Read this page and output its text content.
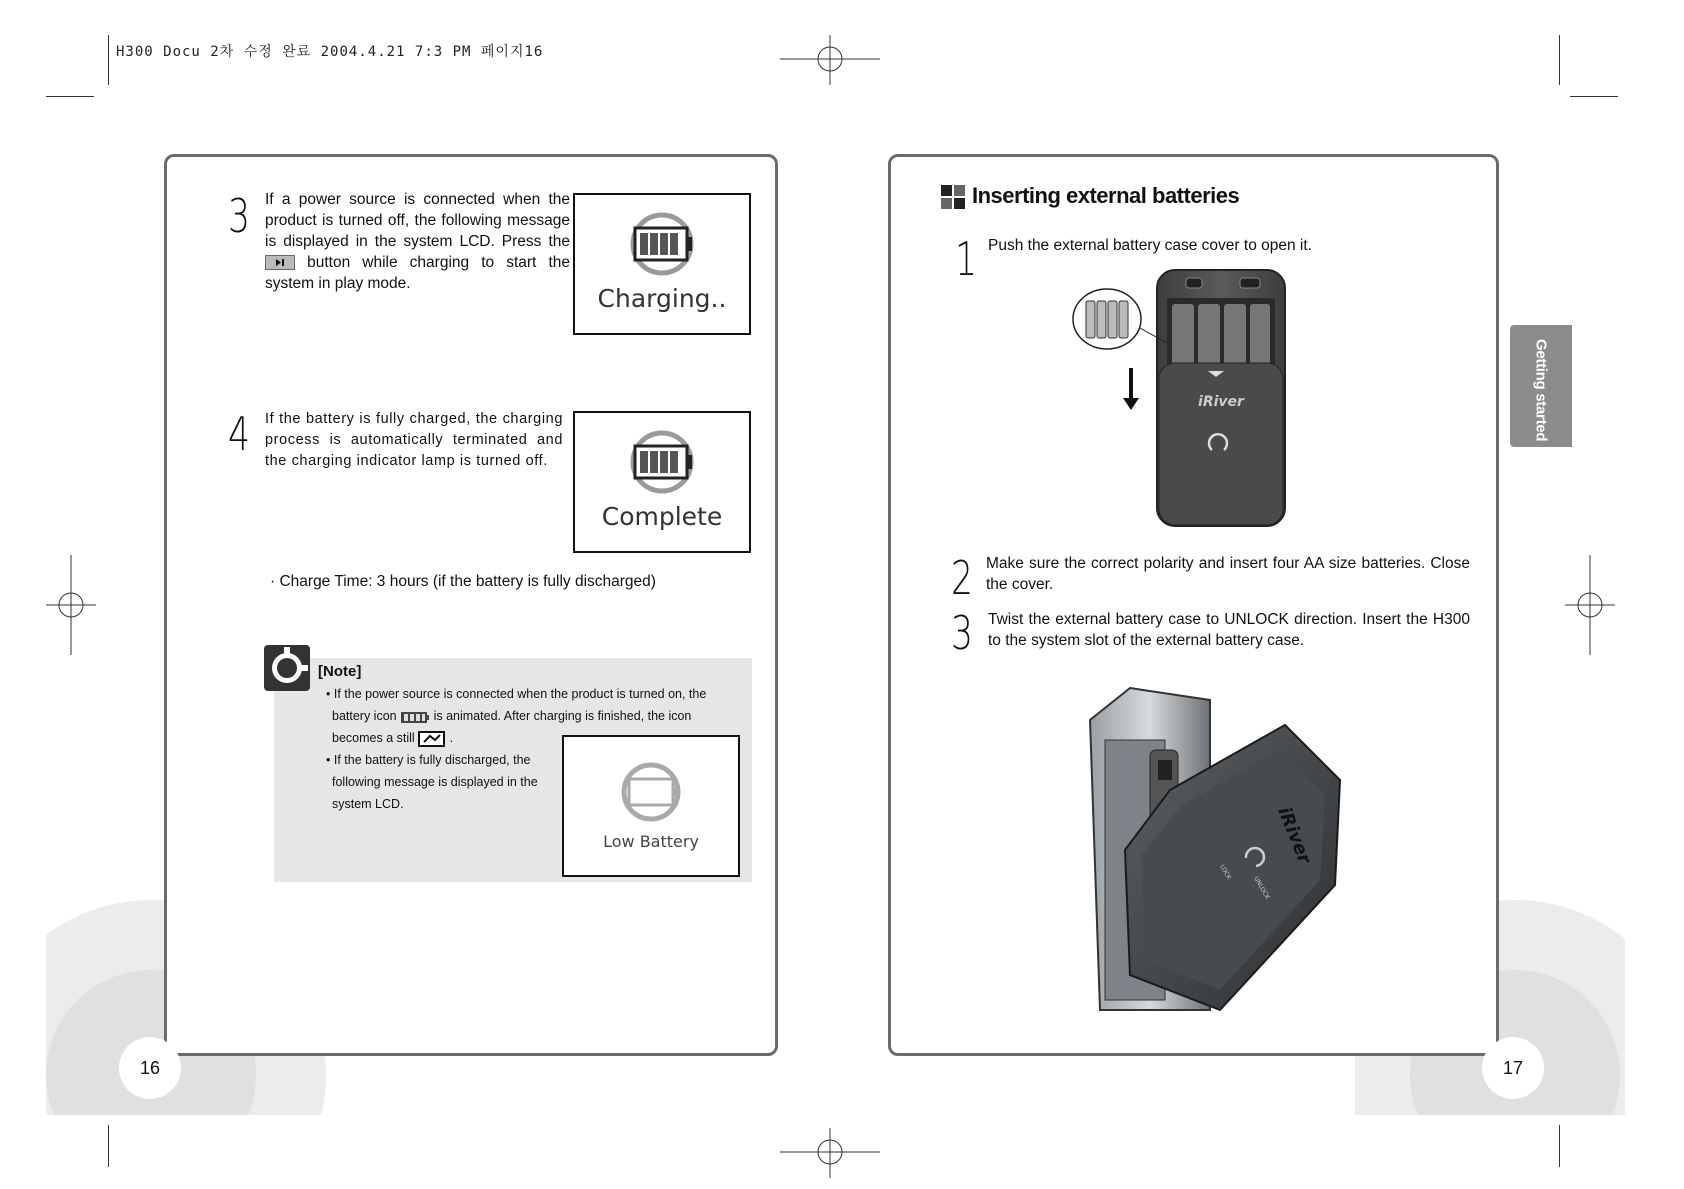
H300 Docu 2차 수정 완료 2004.4.21 7:3 PM 페이지16
3 If a power source is connected when the product is turned off, the following message is displayed in the system LCD. Press the
button while charging to start the system in play mode.
Charging..
4 If the battery is fully charged, the charging process is automatically terminated and the charging indicator lamp is turned off.
Complete
· Charge Time: 3 hours (if the battery is fully discharged)
[Note]
• If the power source is connected when the product is turned on, the
battery icon	is animated. After charging is finished, the icon
becomes a still	.
• If the battery is fully discharged, the
following message is displayed in the
system LCD.
Low Battery
16
Inserting external batteries
1 Push the external battery case cover to open it.
iRiver
2 Make sure the correct polarity and insert four AA size batteries. Close the cover.
3 Twist the external battery case to UNLOCK direction. Insert the H300 to the system slot of the external battery case.
iRiver
LOCK
UNLOCK
Getting started
17
